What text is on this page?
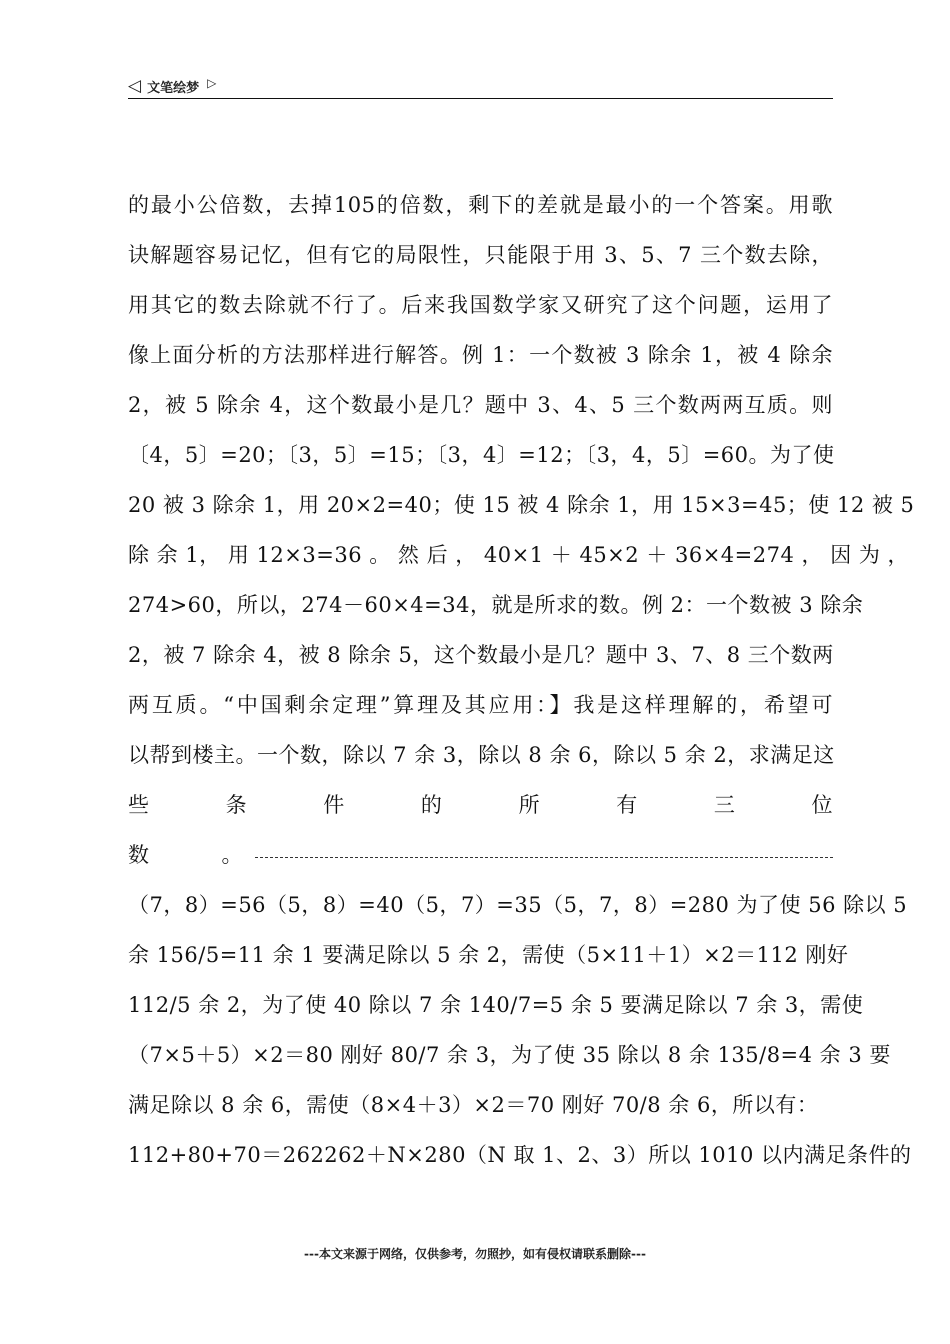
◁ 文笔绘梦 ▷
的最小公倍数，去掉105的倍数，剩下的差就是最小的一个答案。用歌
诀解题容易记忆，但有它的局限性，只能限于用 3、5、7 三个数去除，
用其它的数去除就不行了。后来我国数学家又研究了这个问题，运用了
像上面分析的方法那样进行解答。例 1：一个数被 3 除余 1，被 4 除余
2，被 5 除余 4，这个数最小是几？题中 3、4、5 三个数两两互质。则
〔4，5〕=20；〔3，5〕=15；〔3，4〕=12；〔3，4，5〕=60。为了使
20 被 3 除余 1，用 20×2=40；使 15 被 4 除余 1，用 15×3=45；使 12 被 5
除 余 1， 用 12×3=36 。 然 后 ， 40×1 ＋ 45×2 ＋ 36×4=274 ， 因 为 ，
274>60，所以，274－60×4=34，就是所求的数。例 2：一个数被 3 除余
2，被 7 除余 4，被 8 除余 5，这个数最小是几？题中 3、7、8 三个数两
两互质。“中国剩余定理”算理及其应用：】我是这样理解的，希望可
以帮到楼主。一个数，除以 7 余 3，除以 8 余 6，除以 5 余 2，求满足这
些	条	件	的	所	有	三	位
数	。
（7，8）=56（5，8）=40（5，7）=35（5，7，8）=280 为了使 56 除以 5
余 156/5=11 余 1 要满足除以 5 余 2，需使（5×11＋1）×2＝112 刚好
112/5 余 2，为了使 40 除以 7 余 140/7=5 余 5 要满足除以 7 余 3，需使
（7×5＋5）×2＝80 刚好 80/7 余 3，为了使 35 除以 8 余 135/8=4 余 3 要
满足除以 8 余 6，需使（8×4＋3）×2＝70 刚好 70/8 余 6，所以有：
112+80+70＝262262＋N×280（N 取 1、2、3）所以 1010 以内满足条件的
---本文来源于网络，仅供参考，勿照抄，如有侵权请联系删除---
